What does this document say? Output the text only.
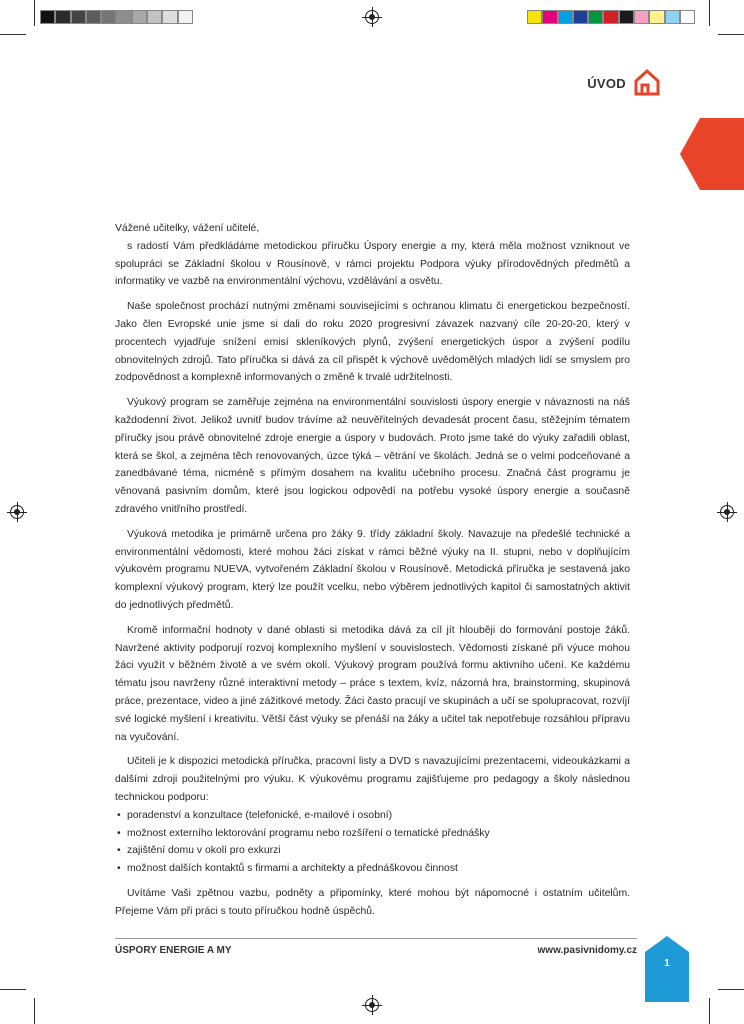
ÚVOD

Vážené učitelky, vážení učitelé,

s radostí Vám předkládáme metodickou příručku Úspory energie a my, která měla možnost vzniknout ve spolupráci se Základní školou v Rousínově, v rámci projektu Podpora výuky přírodovědných předmětů a informatiky ve vazbě na environmentální výchovu, vzdělávání a osvětu.

Naše společnost prochází nutnými změnami souvisejícími s ochranou klimatu či energetickou bezpečností. Jako člen Evropské unie jsme si dali do roku 2020 progresivní závazek nazvaný cíle 20-20-20, který v procentech vyjadřuje snížení emisí skleníkových plynů, zvýšení energetických úspor a zvýšení podílu obnovitelných zdrojů. Tato příručka si dává za cíl přispět k výchově uvědomělých mladých lidí se smyslem pro zodpovědnost a komplexně informovaných o změně k trvalé udržitelnosti.

Výukový program se zaměřuje zejména na environmentální souvislosti úspory energie v návaznosti na náš každodenní život. Jelikož uvnitř budov trávíme až neuvěřitelných devadesát procent času, stěžejním tématem příručky jsou právě obnovitelné zdroje energie a úspory v budovách. Proto jsme také do výuky zařadili oblast, která se škol, a zejména těch renovovaných, úzce týká – větrání ve školách. Jedná se o velmi podceňované a zanedbávané téma, nicméně s přímým dosahem na kvalitu učebního procesu. Značná část programu je věnovaná pasivním domům, které jsou logickou odpovědí na potřebu vysoké úspory energie a současně zdravého vnitřního prostředí.

Výuková metodika je primárně určena pro žáky 9. třídy základní školy. Navazuje na předešlé technické a environmentální vědomosti, které mohou žáci získat v rámci běžné výuky na II. stupni, nebo v doplňujícím výukovém programu NUEVA, vytvořeném Základní školou v Rousínově. Metodická příručka je sestavená jako komplexní výukový program, který lze použít vcelku, nebo výběrem jednotlivých kapitol či samostatných aktivit do jednotlivých předmětů.

Kromě informační hodnoty v dané oblasti si metodika dává za cíl jít hlouběji do formování postoje žáků. Navržené aktivity podporují rozvoj komplexního myšlení v souvislostech. Vědomosti získané při výuce mohou žáci využít v běžném životě a ve svém okolí. Výukový program používá formu aktivního učení. Ke každému tématu jsou navrženy různé interaktivní metody – práce s textem, kvíz, názorná hra, brainstorming, skupinová práce, prezentace, video a jiné zážitkové metody. Žáci často pracují ve skupinách a učí se spolupracovat, rozvíjí své logické myšlení i kreativitu. Větší část výuky se přenáší na žáky a učitel tak nepotřebuje rozsáhlou přípravu na vyučování.

Učiteli je k dispozici metodická příručka, pracovní listy a DVD s navazujícími prezentacemi, videoukázkami a dalšími zdroji použitelnými pro výuku. K výukovému programu zajišťujeme pro pedagogy a školy následnou technickou podporu:

• poradenství a konzultace (telefonické, e-mailové i osobní)
• možnost externího lektorování programu nebo rozšíření o tematické přednášky
• zajištění domu v okolí pro exkurzi
• možnost dalších kontaktů s firmami a architekty a přednáškovou činnost

Uvítáme Vaši zpětnou vazbu, podněty a připomínky, které mohou být nápomocné i ostatním učitelům. Přejeme Vám při práci s touto příručkou hodně úspěchů.

ÚSPORY ENERGIE A MY	www.pasivnidomy.cz
1
